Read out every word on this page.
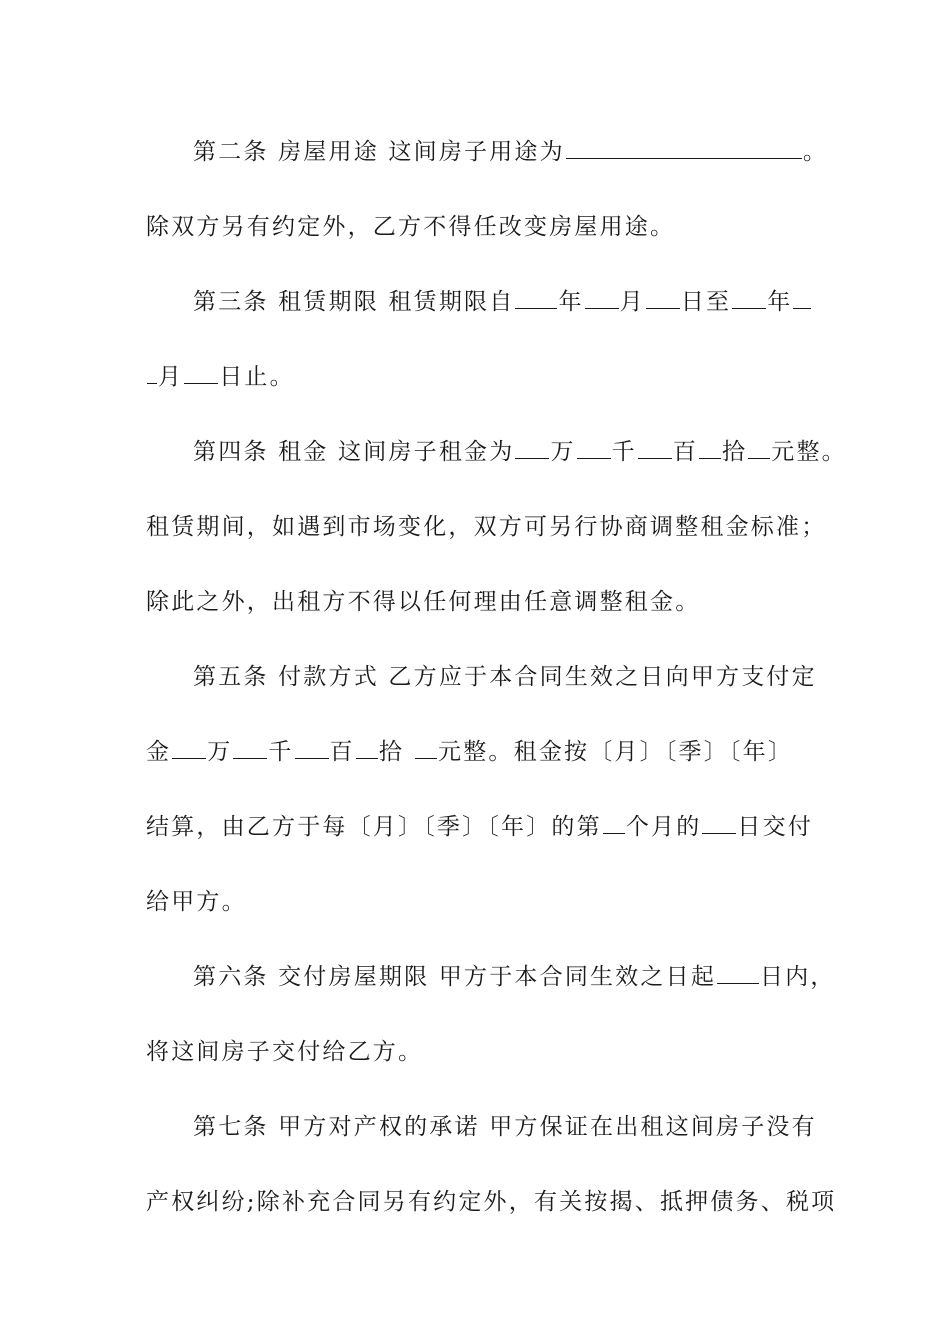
第二条 房屋用途 这间房子用途为	。
除双方另有约定外，乙方不得任改变房屋用途。
第三条 租赁期限 租赁期限自 年 月 日至 年
月 日止。
第四条 租金 这间房子租金为 万 千 百 拾 元整。
租赁期间，如遇到市场变化，双方可另行协商调整租金标准；
除此之外，出租方不得以任何理由任意调整租金。
第五条 付款方式 乙方应于本合同生效之日向甲方支付定
金 万 千 百 拾 元整。租金按〔月〕〔季〕〔年〕
结算，由乙方于每〔月〕〔季〕〔年〕的第 个月的 日交付
给甲方。
第六条 交付房屋期限 甲方于本合同生效之日起 日内，
将这间房子交付给乙方。
第七条 甲方对产权的承诺 甲方保证在出租这间房子没有
产权纠纷;除补充合同另有约定外，有关按揭、抵押债务、税项
